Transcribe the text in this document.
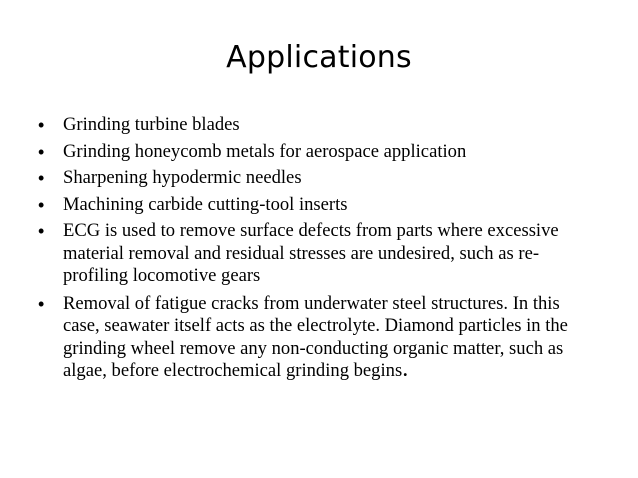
Applications
• Grinding turbine blades
• Grinding honeycomb metals for aerospace application
• Sharpening hypodermic needles
• Machining carbide cutting-tool inserts
• ECG is used to remove surface defects from parts where excessive material removal and residual stresses are undesired, such as re-profiling locomotive gears
• Removal of fatigue cracks from underwater steel structures. In this case, seawater itself acts as the electrolyte. Diamond particles in the grinding wheel remove any non-conducting organic matter, such as algae, before electrochemical grinding begins.
